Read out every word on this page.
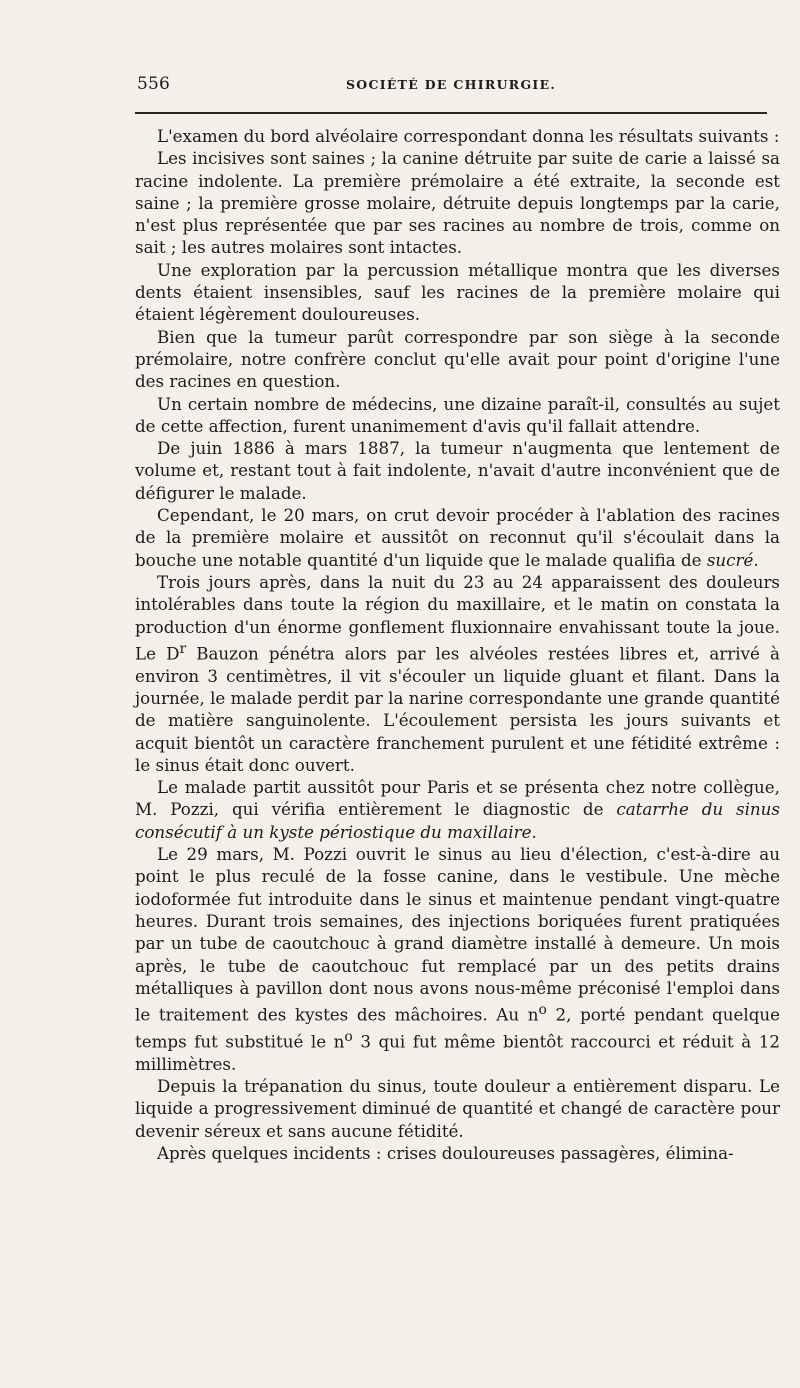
556	SOCIÉTÉ DE CHIRURGIE.

L'examen du bord alvéolaire correspondant donna les résultats suivants :

Les incisives sont saines ; la canine détruite par suite de carie a laissé sa racine indolente. La première prémolaire a été extraite, la seconde est saine ; la première grosse molaire, détruite depuis longtemps par la carie, n'est plus représentée que par ses racines au nombre de trois, comme on sait ; les autres molaires sont intactes.

Une exploration par la percussion métallique montra que les diverses dents étaient insensibles, sauf les racines de la première molaire qui étaient légèrement douloureuses.

Bien que la tumeur parût correspondre par son siège à la seconde prémolaire, notre confrère conclut qu'elle avait pour point d'origine l'une des racines en question.

Un certain nombre de médecins, une dizaine paraît-il, consultés au sujet de cette affection, furent unanimement d'avis qu'il fallait attendre.

De juin 1886 à mars 1887, la tumeur n'augmenta que lentement de volume et, restant tout à fait indolente, n'avait d'autre inconvénient que de défigurer le malade.

Cependant, le 20 mars, on crut devoir procéder à l'ablation des racines de la première molaire et aussitôt on reconnut qu'il s'écoulait dans la bouche une notable quantité d'un liquide que le malade qualifia de sucré.

Trois jours après, dans la nuit du 23 au 24 apparaissent des douleurs intolérables dans toute la région du maxillaire, et le matin on constata la production d'un énorme gonflement fluxionnaire envahissant toute la joue. Le $D^r$ Bauzon pénétra alors par les alvéoles restées libres et, arrivé à environ 3 centimètres, il vit s'écouler un liquide gluant et filant. Dans la journée, le malade perdit par la narine correspondante une grande quantité de matière sanguinolente. L'écoulement persista les jours suivants et acquit bientôt un caractère franchement purulent et une fétidité extrême : le sinus était donc ouvert.

Le malade partit aussitôt pour Paris et se présenta chez notre collègue, M. Pozzi, qui vérifia entièrement le diagnostic de catarrhe du sinus consécutif à un kyste périostique du maxillaire.

Le 29 mars, M. Pozzi ouvrit le sinus au lieu d'élection, c'est-à-dire au point le plus reculé de la fosse canine, dans le vestibule. Une mèche iodoformée fut introduite dans le sinus et maintenue pendant vingt-quatre heures. Durant trois semaines, des injections boriquées furent pratiquées par un tube de caoutchouc à grand diamètre installé à demeure. Un mois après, le tube de caoutchouc fut remplacé par un des petits drains métalliques à pavillon dont nous avons nous-même préconisé l'emploi dans le traitement des kystes des mâchoires. Au $n^o$ 2, porté pendant quelque temps fut substitué le $n^o$ 3 qui fut même bientôt raccourci et réduit à 12 millimètres.

Depuis la trépanation du sinus, toute douleur a entièrement disparu. Le liquide a progressivement diminué de quantité et changé de caractère pour devenir séreux et sans aucune fétidité.

Après quelques incidents : crises douloureuses passagères, élimina-
